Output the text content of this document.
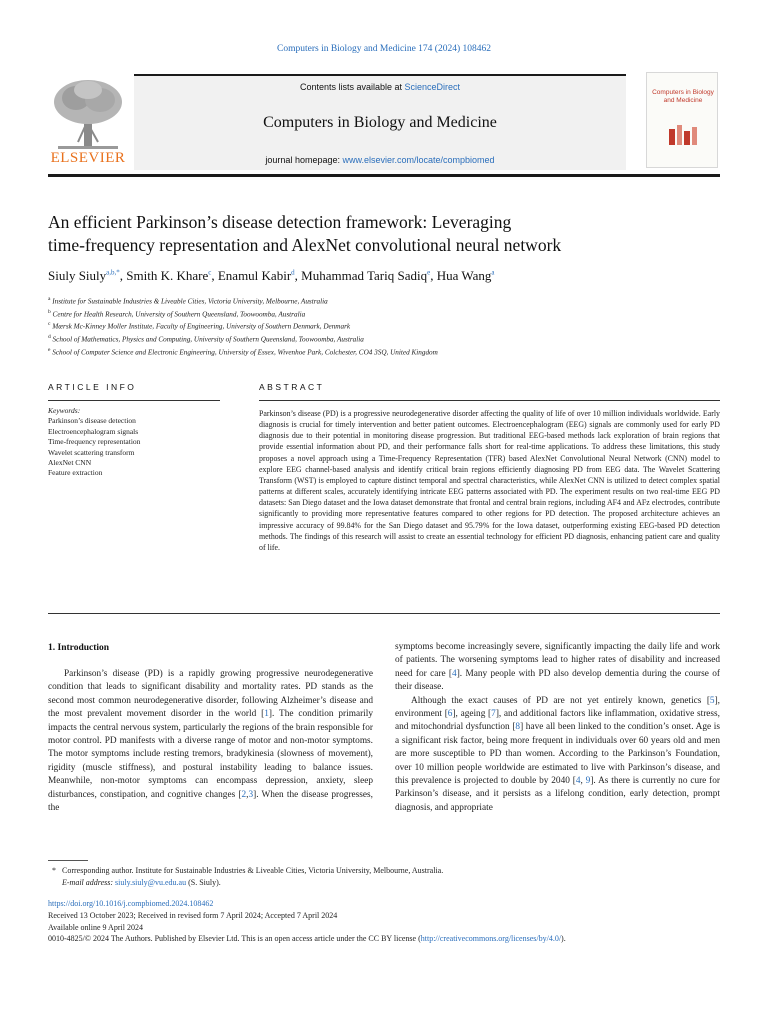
Computers in Biology and Medicine 174 (2024) 108462
ELSEVIER
Contents lists available at ScienceDirect
Computers in Biology and Medicine
journal homepage: www.elsevier.com/locate/compbiomed
Computers in Biology and Medicine
An efficient Parkinson’s disease detection framework: Leveraging
time-frequency representation and AlexNet convolutional neural network
Siuly Siuly$^{a,b,*}$, Smith K. Khare$^c$, Enamul Kabir$^d$, Muhammad Tariq Sadiq$^e$, Hua Wang$^a$
$^a$ Institute for Sustainable Industries & Liveable Cities, Victoria University, Melbourne, Australia
$^b$ Centre for Health Research, University of Southern Queensland, Toowoomba, Australia
$^c$ Mærsk Mc-Kinney Moller Institute, Faculty of Engineering, University of Southern Denmark, Denmark
$^d$ School of Mathematics, Physics and Computing, University of Southern Queensland, Toowoomba, Australia
$^e$ School of Computer Science and Electronic Engineering, University of Essex, Wivenhoe Park, Colchester, CO4 3SQ, United Kingdom
ARTICLE INFO	ABSTRACT
Keywords:
Parkinson’s disease detection
Electroencephalogram signals
Time-frequency representation
Wavelet scattering transform
AlexNet CNN
Feature extraction
Parkinson’s disease (PD) is a progressive neurodegenerative disorder affecting the quality of life of over 10 million individuals worldwide. Early diagnosis is crucial for timely intervention and better patient outcomes. Electroencephalogram (EEG) signals are commonly used for early PD diagnosis due to their potential in monitoring disease progression. But traditional EEG-based methods lack exploration of brain regions that provide essential information about PD, and their performance falls short for real-time applications. To address these limitations, this study proposes a novel approach using a Time-Frequency Representation (TFR) based AlexNet Convolutional Neural Network (CNN) model to explore EEG channel-based analysis and identify critical brain regions efficiently diagnosing PD from EEG data. The Wavelet Scattering Transform (WST) is employed to capture distinct temporal and spectral characteristics, while AlexNet CNN is utilized to detect complex spatial patterns at different scales, accurately identifying intricate EEG patterns associated with PD. The experiment results on two real-time EEG PD datasets: San Diego dataset and the Iowa dataset demonstrate that frontal and central brain regions, including AF4 and AFz electrodes, contribute significantly to providing more representative features compared to other regions for PD detection. The proposed architecture achieves an impressive accuracy of 99.84% for the San Diego dataset and 95.79% for the Iowa dataset, outperforming existing EEG-based PD detection methods. The findings of this research will assist to create an essential technology for efficient PD diagnosis, enhancing patient care and quality of life.
1. Introduction

Parkinson’s disease (PD) is a rapidly growing progressive neurodegenerative condition that leads to significant disability and mortality rates. PD stands as the second most common neurodegenerative disorder, following Alzheimer’s disease and the most prevalent movement disorder in the world [1]. The condition primarily impacts the central nervous system, particularly the regions of the brain responsible for motor control. PD manifests with a diverse range of motor and non-motor symptoms. The motor symptoms include resting tremors, bradykinesia (slowness of movement), rigidity (muscle stiffness), and postural instability leading to balance issues. Meanwhile, non-motor symptoms can encompass depression, anxiety, sleep disturbances, constipation, and cognitive changes [2,3]. When the disease progresses, the

symptoms become increasingly severe, significantly impacting the daily life and work of patients. The worsening symptoms lead to higher rates of disability and increased need for care [4]. Many people with PD also develop dementia during the course of their disease.

Although the exact causes of PD are not yet entirely known, genetics [5], environment [6], ageing [7], and additional factors like inflammation, oxidative stress, and mitochondrial dysfunction [8] have all been linked to the condition’s onset. Age is a significant risk factor, being more frequent in individuals over 60 years old and men are more susceptible to PD than women. According to the Parkinson’s Foundation, over 10 million people worldwide are estimated to live with Parkinson’s disease, and this prevalence is projected to double by 2040 [4, 9]. As there is currently no cure for Parkinson’s disease, and it persists as a lifelong condition, early detection, prompt diagnosis, and appropriate

* Corresponding author. Institute for Sustainable Industries & Liveable Cities, Victoria University, Melbourne, Australia.
E-mail address: siuly.siuly@vu.edu.au (S. Siuly).
https://doi.org/10.1016/j.compbiomed.2024.108462
Received 13 October 2023; Received in revised form 7 April 2024; Accepted 7 April 2024
Available online 9 April 2024
0010-4825/© 2024 The Authors. Published by Elsevier Ltd. This is an open access article under the CC BY license (http://creativecommons.org/licenses/by/4.0/).
